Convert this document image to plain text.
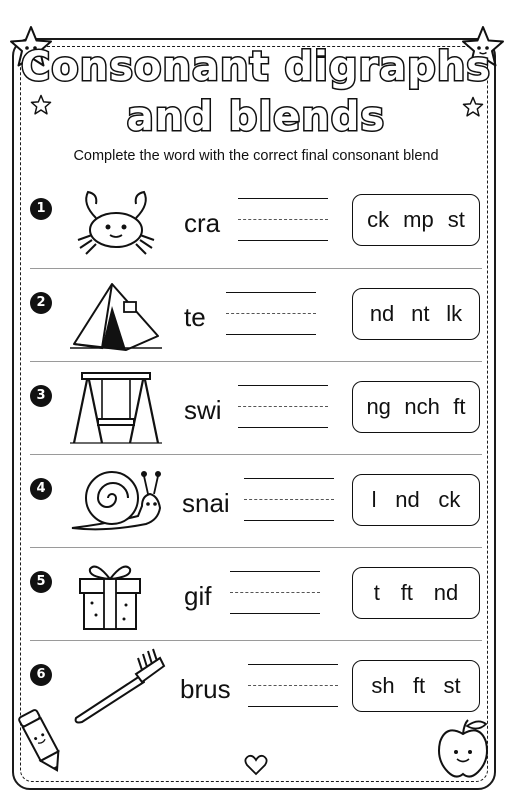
Consonant digraphs
and blends
Complete the word with the correct final consonant blend
1	cra	ck mp st
2	te	nd nt lk
3	swi	ng nch ft
4	snai	l nd ck
5	gif	t ft nd
6	brus	sh ft st
